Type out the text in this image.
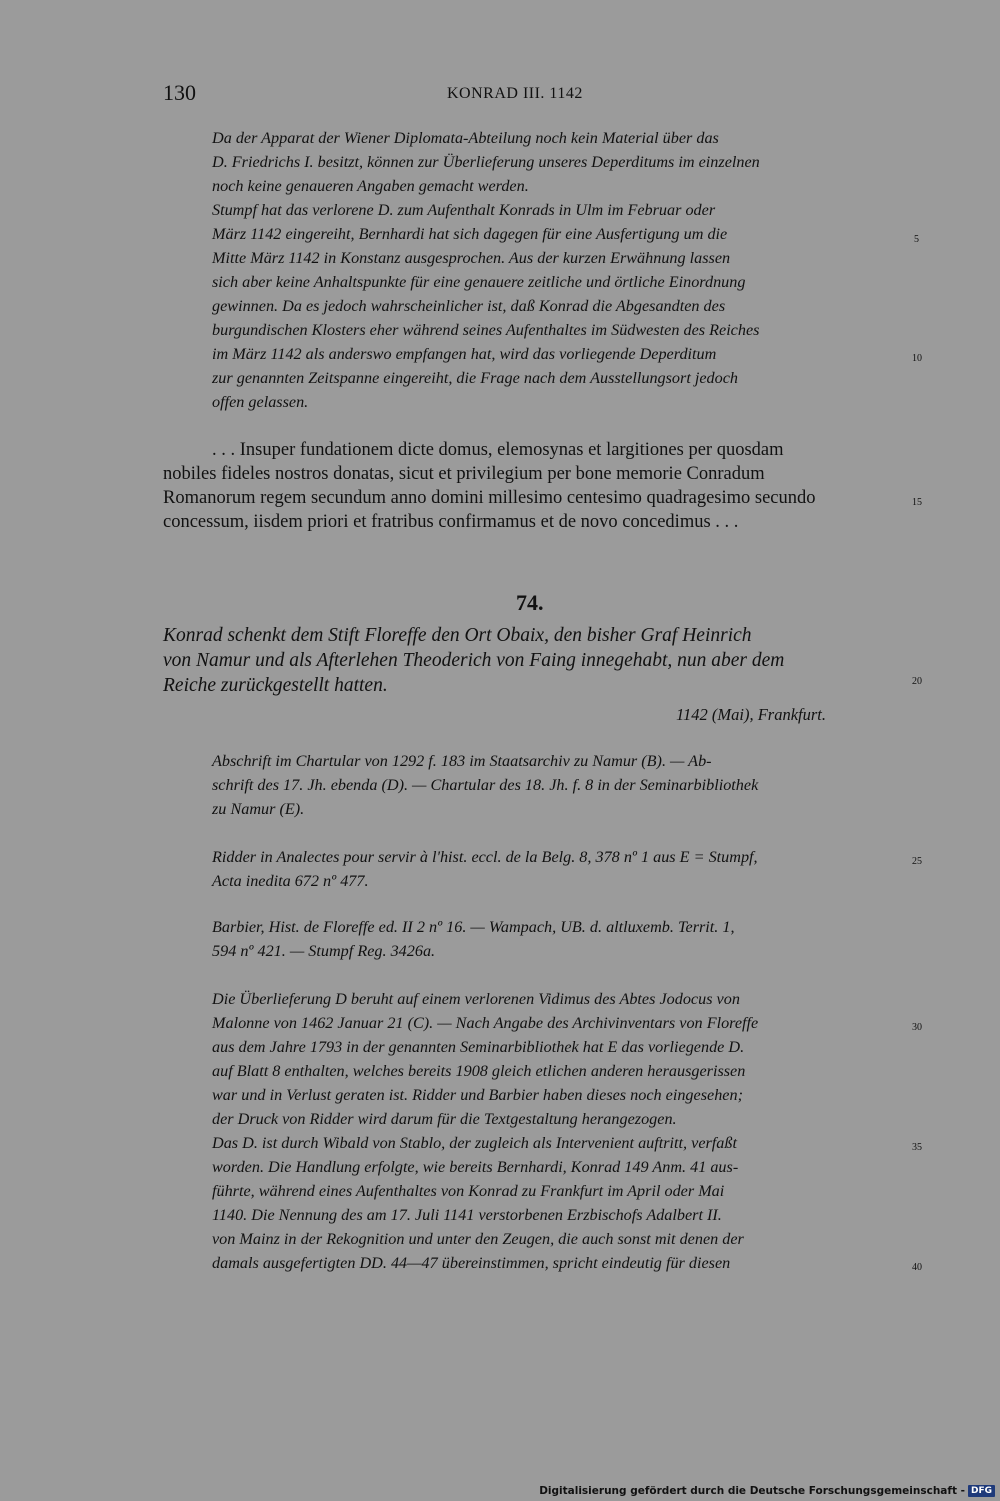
130	KONRAD III. 1142
Da der Apparat der Wiener Diplomata-Abteilung noch kein Material über das
D. Friedrichs I. besitzt, können zur Überlieferung unseres Deperditums im einzelnen
noch keine genaueren Angaben gemacht werden.
Stumpf hat das verlorene D. zum Aufenthalt Konrads in Ulm im Februar oder
März 1142 eingereiht, Bernhardi hat sich dagegen für eine Ausfertigung um die
Mitte März 1142 in Konstanz ausgesprochen. Aus der kurzen Erwähnung lassen
sich aber keine Anhaltspunkte für eine genauere zeitliche und örtliche Einordnung
gewinnen. Da es jedoch wahrscheinlicher ist, daß Konrad die Abgesandten des
burgundischen Klosters eher während seines Aufenthaltes im Südwesten des Reiches
im März 1142 als anderswo empfangen hat, wird das vorliegende Deperditum
zur genannten Zeitspanne eingereiht, die Frage nach dem Ausstellungsort jedoch
offen gelassen.
. . . Insuper fundationem dicte domus, elemosynas et largitiones per quosdam
nobiles fideles nostros donatas, sicut et privilegium per bone memorie Conradum
Romanorum regem secundum anno domini millesimo centesimo quadragesimo secundo
concessum, iisdem priori et fratribus confirmamus et de novo concedimus . . .
74.
Konrad schenkt dem Stift Floreffe den Ort Obaix, den bisher Graf Heinrich
von Namur und als Afterlehen Theoderich von Faing innegehabt, nun aber dem
Reiche zurückgestellt hatten.
1142 (Mai), Frankfurt.
Abschrift im Chartular von 1292 f. 183 im Staatsarchiv zu Namur (B). — Ab-
schrift des 17. Jh. ebenda (D). — Chartular des 18. Jh. f. 8 in der Seminarbibliothek
zu Namur (E).
Ridder in Analectes pour servir à l'hist. eccl. de la Belg. 8, 378 nº 1 aus E = Stumpf,
Acta inedita 672 nº 477.
Barbier, Hist. de Floreffe ed. II 2 nº 16. — Wampach, UB. d. altluxemb. Territ. 1,
594 nº 421. — Stumpf Reg. 3426a.
Die Überlieferung D beruht auf einem verlorenen Vidimus des Abtes Jodocus von
Malonne von 1462 Januar 21 (C). — Nach Angabe des Archivinventars von Floreffe
aus dem Jahre 1793 in der genannten Seminarbibliothek hat E das vorliegende D.
auf Blatt 8 enthalten, welches bereits 1908 gleich etlichen anderen herausgerissen
war und in Verlust geraten ist. Ridder und Barbier haben dieses noch eingesehen;
der Druck von Ridder wird darum für die Textgestaltung herangezogen.
Das D. ist durch Wibald von Stablo, der zugleich als Intervenient auftritt, verfaßt
worden. Die Handlung erfolgte, wie bereits Bernhardi, Konrad 149 Anm. 41 aus-
führte, während eines Aufenthaltes von Konrad zu Frankfurt im April oder Mai
1140. Die Nennung des am 17. Juli 1141 verstorbenen Erzbischofs Adalbert II.
von Mainz in der Rekognition und unter den Zeugen, die auch sonst mit denen der
damals ausgefertigten DD. 44—47 übereinstimmen, spricht eindeutig für diesen
5
10
15
20
25
30
35
40
Digitalisierung gefördert durch die Deutsche Forschungsgemeinschaft - DFG
